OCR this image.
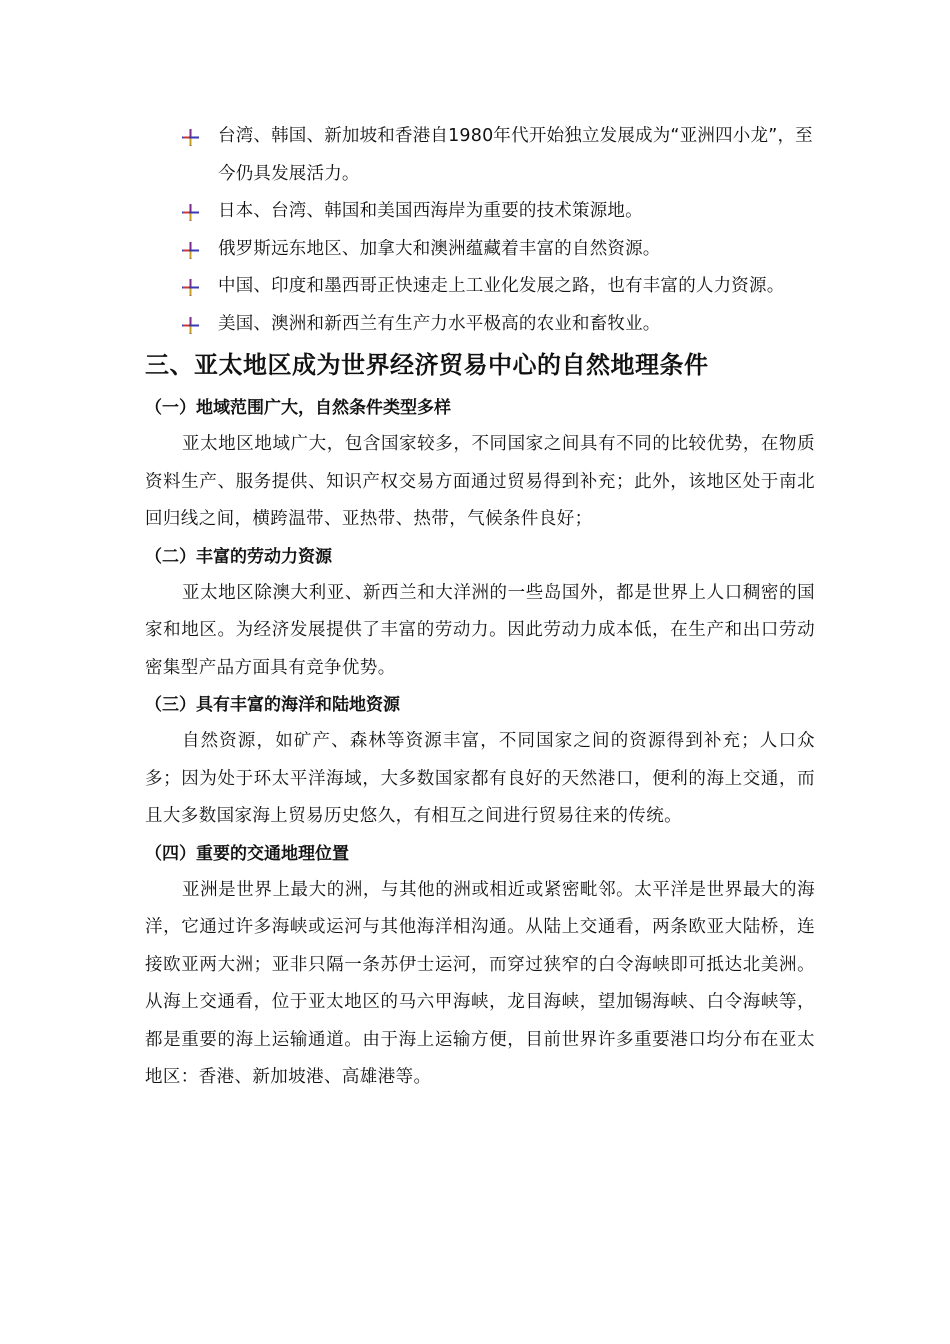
台湾、韩国、新加坡和香港自1980年代开始独立发展成为“亚洲四小龙”，至今仍具发展活力。
日本、台湾、韩国和美国西海岸为重要的技术策源地。
俄罗斯远东地区、加拿大和澳洲蕴藏着丰富的自然资源。
中国、印度和墨西哥正快速走上工业化发展之路，也有丰富的人力资源。
美国、澳洲和新西兰有生产力水平极高的农业和畜牧业。
三、亚太地区成为世界经济贸易中心的自然地理条件
（一）地域范围广大，自然条件类型多样

亚太地区地域广大，包含国家较多，不同国家之间具有不同的比较优势，在物质资料生产、服务提供、知识产权交易方面通过贸易得到补充；此外，该地区处于南北回归线之间，横跨温带、亚热带、热带，气候条件良好；

（二）丰富的劳动力资源

亚太地区除澳大利亚、新西兰和大洋洲的一些岛国外，都是世界上人口稠密的国家和地区。为经济发展提供了丰富的劳动力。因此劳动力成本低，在生产和出口劳动密集型产品方面具有竞争优势。

（三）具有丰富的海洋和陆地资源

自然资源，如矿产、森林等资源丰富，不同国家之间的资源得到补充；人口众多；因为处于环太平洋海域，大多数国家都有良好的天然港口，便利的海上交通，而且大多数国家海上贸易历史悠久，有相互之间进行贸易往来的传统。

（四）重要的交通地理位置

亚洲是世界上最大的洲，与其他的洲或相近或紧密毗邻。太平洋是世界最大的海洋，它通过许多海峡或运河与其他海洋相沟通。从陆上交通看，两条欧亚大陆桥，连接欧亚两大洲；亚非只隔一条苏伊士运河，而穿过狭窄的白令海峡即可抵达北美洲。从海上交通看，位于亚太地区的马六甲海峡，龙目海峡，望加锡海峡、白令海峡等，都是重要的海上运输通道。由于海上运输方便，目前世界许多重要港口均分布在亚太地区：香港、新加坡港、高雄港等。
